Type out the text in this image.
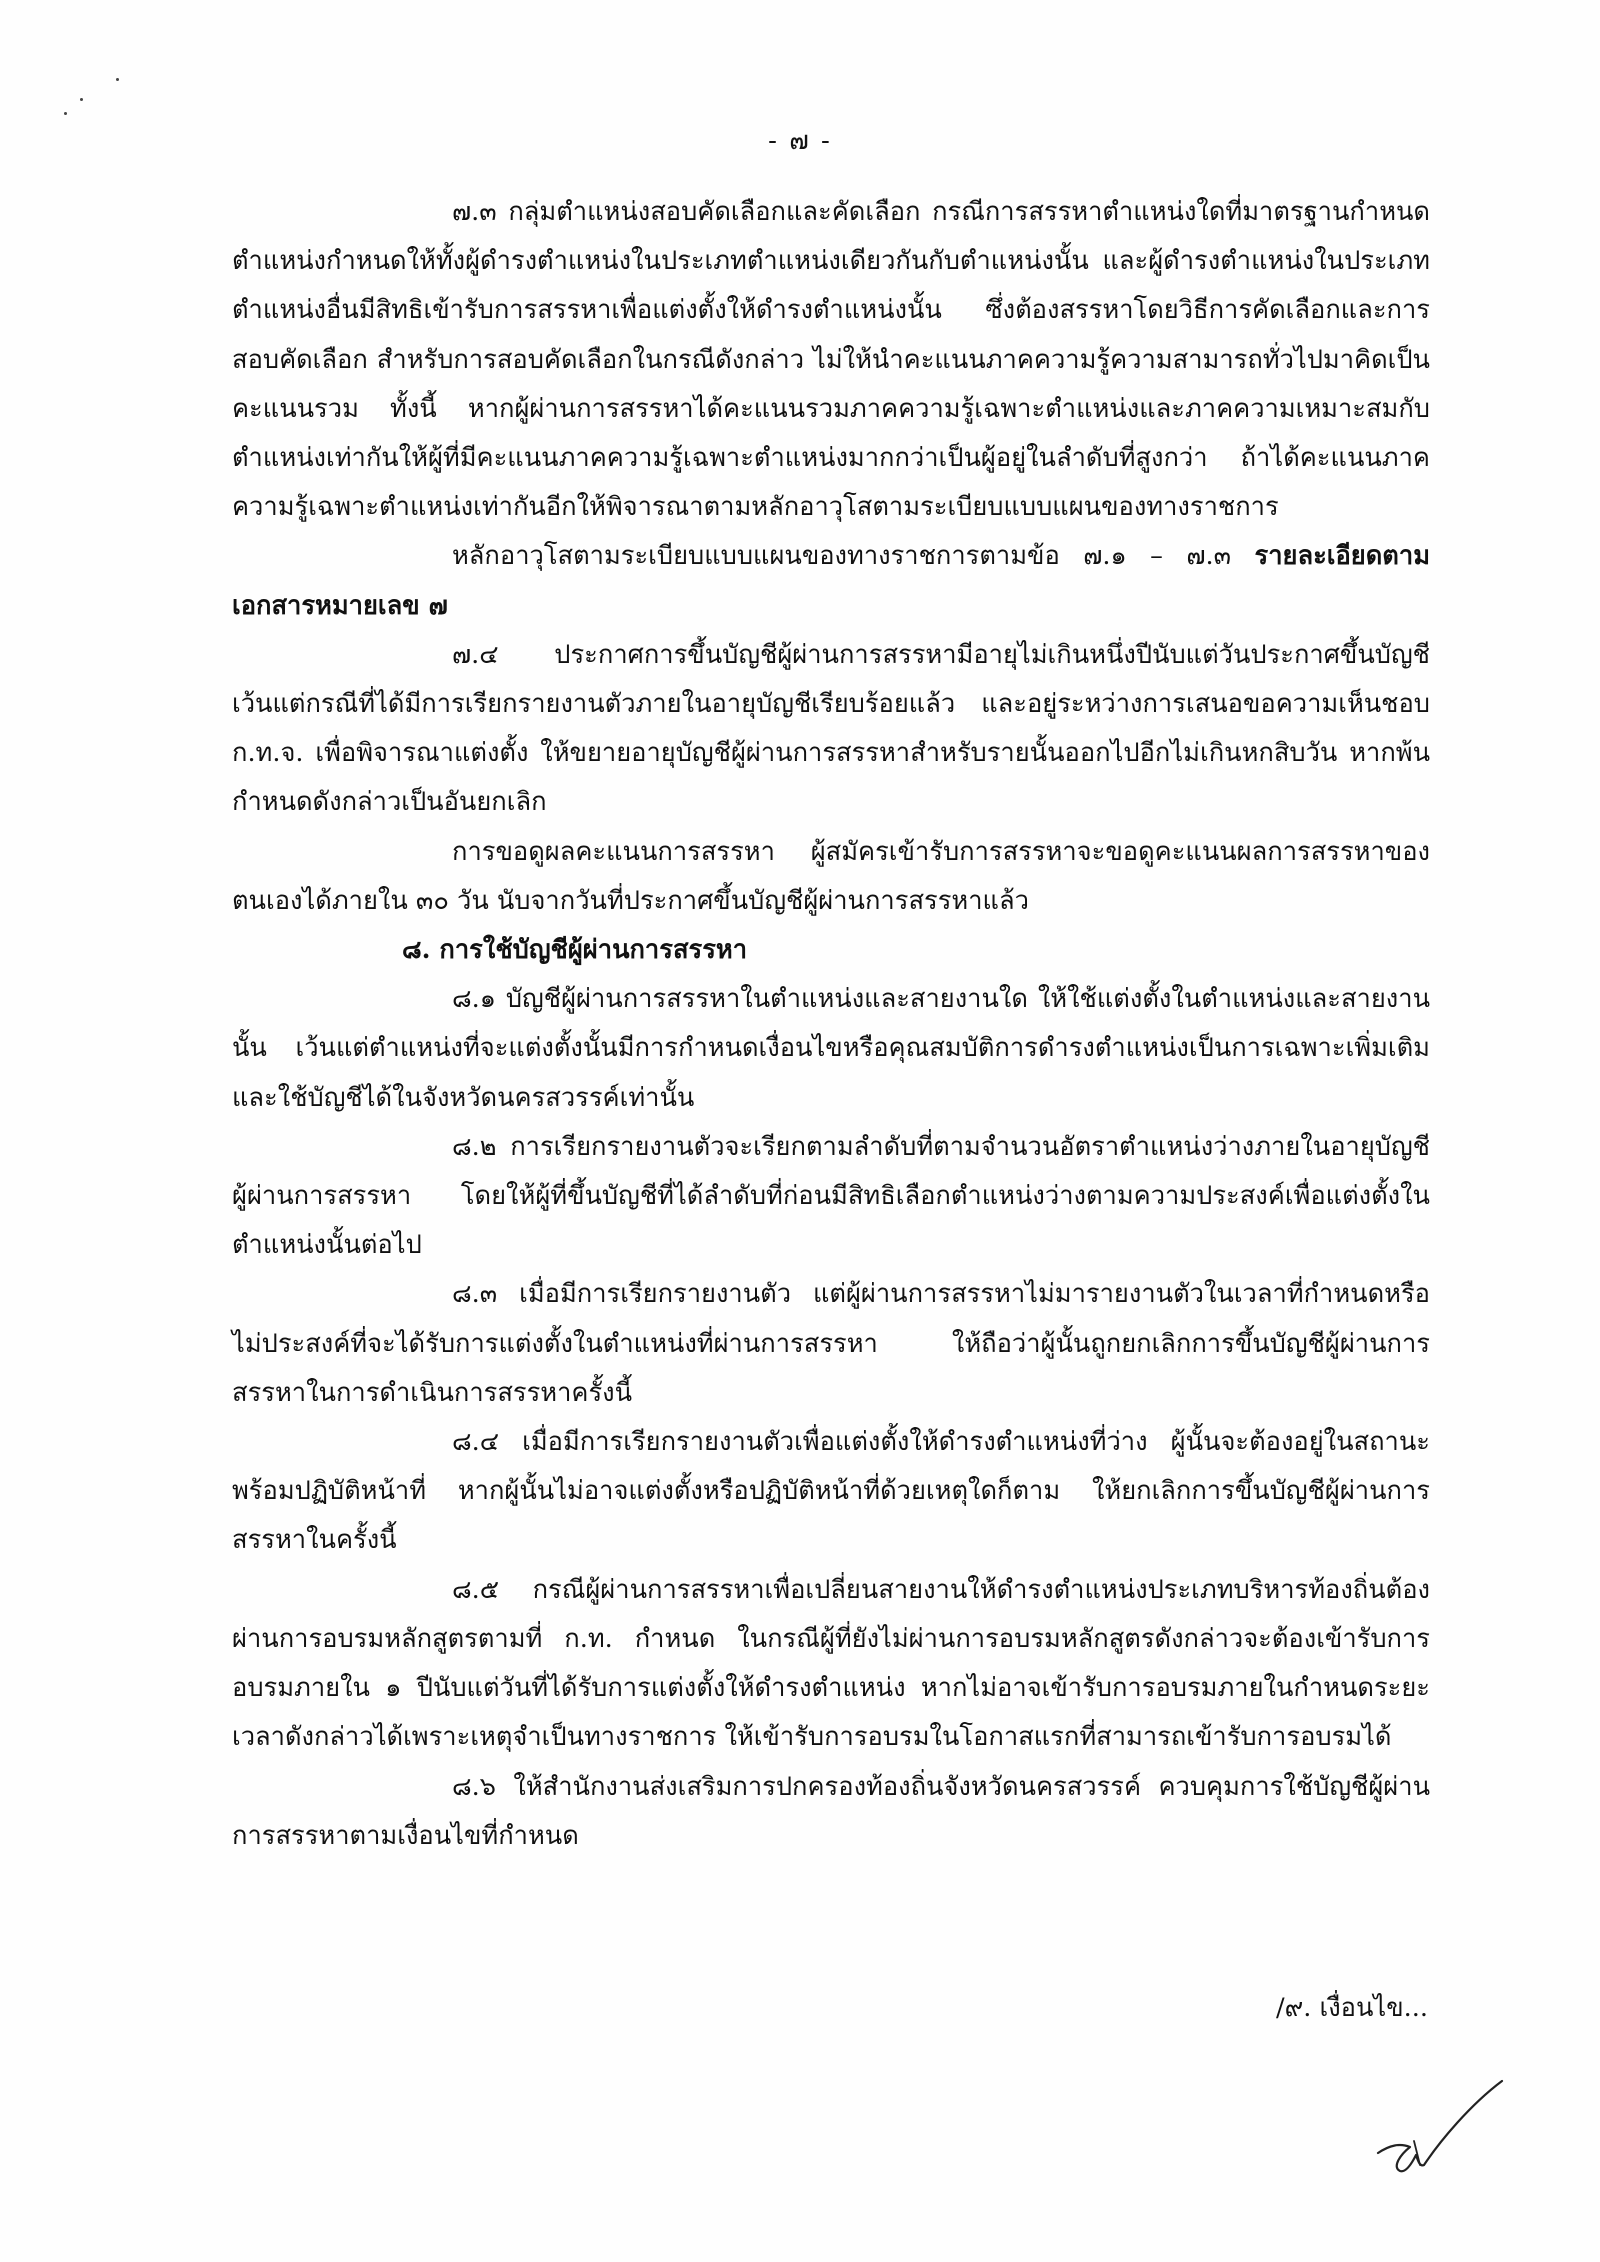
- ๗ -

๗.๓ กลุ่มตำแหน่งสอบคัดเลือกและคัดเลือก กรณีการสรรหาตำแหน่งใดที่มาตรฐานกำหนดตำแหน่งกำหนดให้ทั้งผู้ดำรงตำแหน่งในประเภทตำแหน่งเดียวกันกับตำแหน่งนั้น และผู้ดำรงตำแหน่งในประเภทตำแหน่งอื่นมีสิทธิเข้ารับการสรรหาเพื่อแต่งตั้งให้ดำรงตำแหน่งนั้น ซึ่งต้องสรรหาโดยวิธีการคัดเลือกและการสอบคัดเลือก สำหรับการสอบคัดเลือกในกรณีดังกล่าว ไม่ให้นำคะแนนภาคความรู้ความสามารถทั่วไปมาคิดเป็นคะแนนรวม ทั้งนี้ หากผู้ผ่านการสรรหาได้คะแนนรวมภาคความรู้เฉพาะตำแหน่งและภาคความเหมาะสมกับตำแหน่งเท่ากันให้ผู้ที่มีคะแนนภาคความรู้เฉพาะตำแหน่งมากกว่าเป็นผู้อยู่ในลำดับที่สูงกว่า ถ้าได้คะแนนภาคความรู้เฉพาะตำแหน่งเท่ากันอีกให้พิจารณาตามหลักอาวุโสตามระเบียบแบบแผนของทางราชการ

หลักอาวุโสตามระเบียบแบบแผนของทางราชการตามข้อ ๗.๑ – ๗.๓ รายละเอียดตามเอกสารหมายเลข ๗

๗.๔ ประกาศการขึ้นบัญชีผู้ผ่านการสรรหามีอายุไม่เกินหนึ่งปีนับแต่วันประกาศขึ้นบัญชี เว้นแต่กรณีที่ได้มีการเรียกรายงานตัวภายในอายุบัญชีเรียบร้อยแล้ว และอยู่ระหว่างการเสนอขอความเห็นชอบ ก.ท.จ. เพื่อพิจารณาแต่งตั้ง ให้ขยายอายุบัญชีผู้ผ่านการสรรหาสำหรับรายนั้นออกไปอีกไม่เกินหกสิบวัน หากพ้นกำหนดดังกล่าวเป็นอันยกเลิก

การขอดูผลคะแนนการสรรหา ผู้สมัครเข้ารับการสรรหาจะขอดูคะแนนผลการสรรหาของตนเองได้ภายใน ๓๐ วัน นับจากวันที่ประกาศขึ้นบัญชีผู้ผ่านการสรรหาแล้ว

๘. การใช้บัญชีผู้ผ่านการสรรหา

๘.๑ บัญชีผู้ผ่านการสรรหาในตำแหน่งและสายงานใด ให้ใช้แต่งตั้งในตำแหน่งและสายงานนั้น เว้นแต่ตำแหน่งที่จะแต่งตั้งนั้นมีการกำหนดเงื่อนไขหรือคุณสมบัติการดำรงตำแหน่งเป็นการเฉพาะเพิ่มเติม และใช้บัญชีได้ในจังหวัดนครสวรรค์เท่านั้น

๘.๒ การเรียกรายงานตัวจะเรียกตามลำดับที่ตามจำนวนอัตราตำแหน่งว่างภายในอายุบัญชีผู้ผ่านการสรรหา โดยให้ผู้ที่ขึ้นบัญชีที่ได้ลำดับที่ก่อนมีสิทธิเลือกตำแหน่งว่างตามความประสงค์เพื่อแต่งตั้งในตำแหน่งนั้นต่อไป

๘.๓ เมื่อมีการเรียกรายงานตัว แต่ผู้ผ่านการสรรหาไม่มารายงานตัวในเวลาที่กำหนดหรือไม่ประสงค์ที่จะได้รับการแต่งตั้งในตำแหน่งที่ผ่านการสรรหา ให้ถือว่าผู้นั้นถูกยกเลิกการขึ้นบัญชีผู้ผ่านการสรรหาในการดำเนินการสรรหาครั้งนี้

๘.๔ เมื่อมีการเรียกรายงานตัวเพื่อแต่งตั้งให้ดำรงตำแหน่งที่ว่าง ผู้นั้นจะต้องอยู่ในสถานะพร้อมปฏิบัติหน้าที่ หากผู้นั้นไม่อาจแต่งตั้งหรือปฏิบัติหน้าที่ด้วยเหตุใดก็ตาม ให้ยกเลิกการขึ้นบัญชีผู้ผ่านการสรรหาในครั้งนี้

๘.๕ กรณีผู้ผ่านการสรรหาเพื่อเปลี่ยนสายงานให้ดำรงตำแหน่งประเภทบริหารท้องถิ่นต้องผ่านการอบรมหลักสูตรตามที่ ก.ท. กำหนด ในกรณีผู้ที่ยังไม่ผ่านการอบรมหลักสูตรดังกล่าวจะต้องเข้ารับการอบรมภายใน ๑ ปีนับแต่วันที่ได้รับการแต่งตั้งให้ดำรงตำแหน่ง หากไม่อาจเข้ารับการอบรมภายในกำหนดระยะเวลาดังกล่าวได้เพราะเหตุจำเป็นทางราชการ ให้เข้ารับการอบรมในโอกาสแรกที่สามารถเข้ารับการอบรมได้

๘.๖ ให้สำนักงานส่งเสริมการปกครองท้องถิ่นจังหวัดนครสวรรค์ ควบคุมการใช้บัญชีผู้ผ่านการสรรหาตามเงื่อนไขที่กำหนด

/๙. เงื่อนไข...
